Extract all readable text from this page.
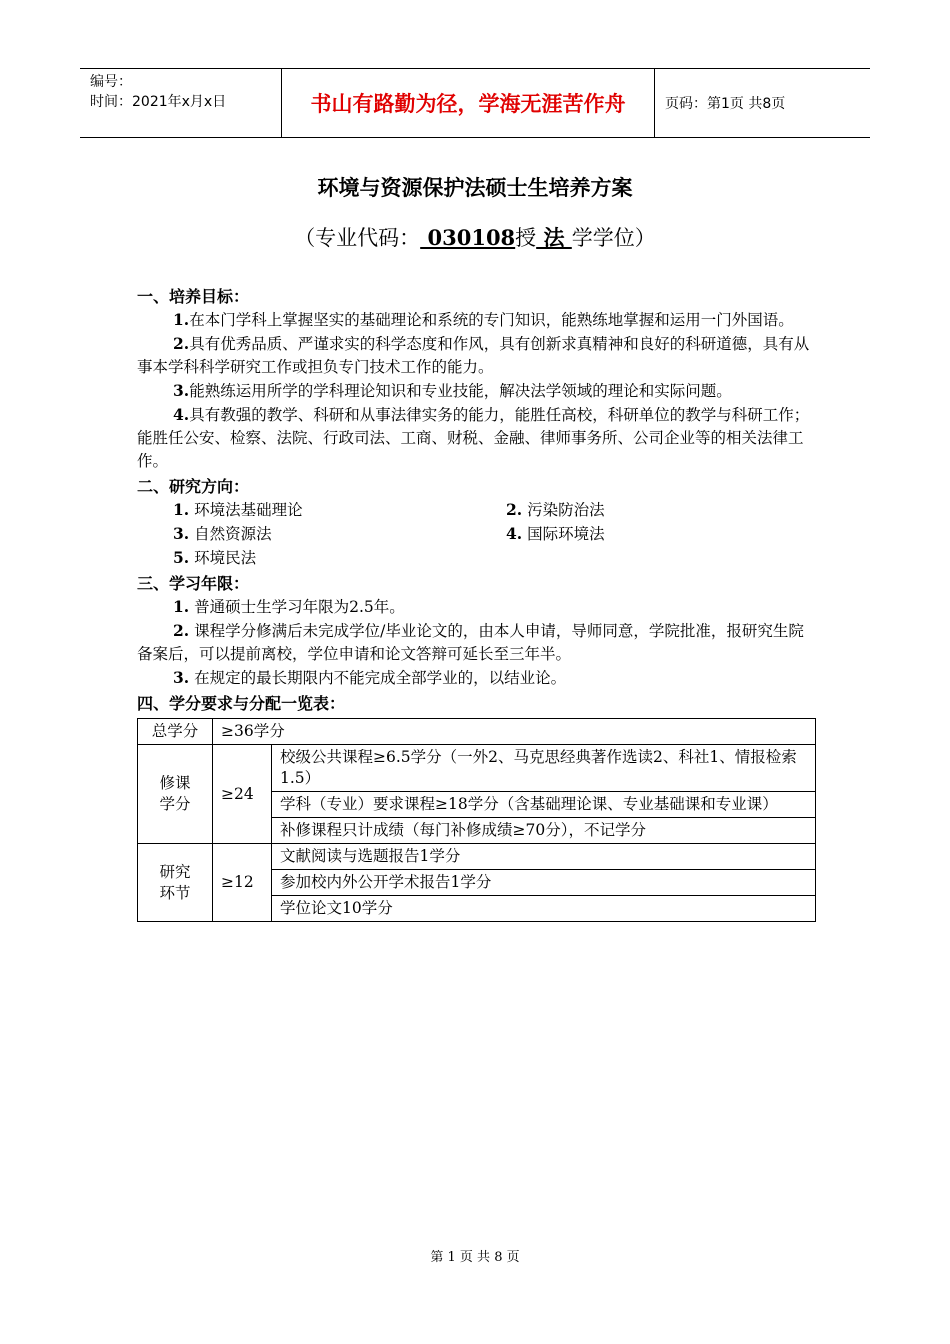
编号：
时间：2021年x月x日	书山有路勤为径，学海无涯苦作舟	页码：第1页 共8页
环境与资源保护法硕士生培养方案
（专业代码： 030108授 法 学学位）
一、培养目标：

1.在本门学科上掌握坚实的基础理论和系统的专门知识，能熟练地掌握和运用一门外国语。

2.具有优秀品质、严谨求实的科学态度和作风，具有创新求真精神和良好的科研道德，具有从事本学科科学研究工作或担负专门技术工作的能力。

3.能熟练运用所学的学科理论知识和专业技能，解决法学领域的理论和实际问题。

4.具有教强的教学、科研和从事法律实务的能力，能胜任高校，科研单位的教学与科研工作；能胜任公安、检察、法院、行政司法、工商、财税、金融、律师事务所、公司企业等的相关法律工作。

二、研究方向：
1. 环境法基础理论	2. 污染防治法
3. 自然资源法	4. 国际环境法
5. 环境民法
三、学习年限：

1. 普通硕士生学习年限为2.5年。

2. 课程学分修满后未完成学位/毕业论文的，由本人申请，导师同意，学院批准，报研究生院备案后，可以提前离校，学位申请和论文答辩可延长至三年半。

3. 在规定的最长期限内不能完成全部学业的，以结业论。

四、学分要求与分配一览表：
总学分	≥36学分	
修课
学分	≥24	校级公共课程≥6.5学分（一外2、马克思经典著作选读2、科社1、情报检索1.5）
		学科（专业）要求课程≥18学分（含基础理论课、专业基础课和专业课）
		补修课程只计成绩（每门补修成绩≥70分），不记学分
研究
环节	≥12	文献阅读与选题报告1学分
		参加校内外公开学术报告1学分
		学位论文10学分
第 1 页 共 8 页
